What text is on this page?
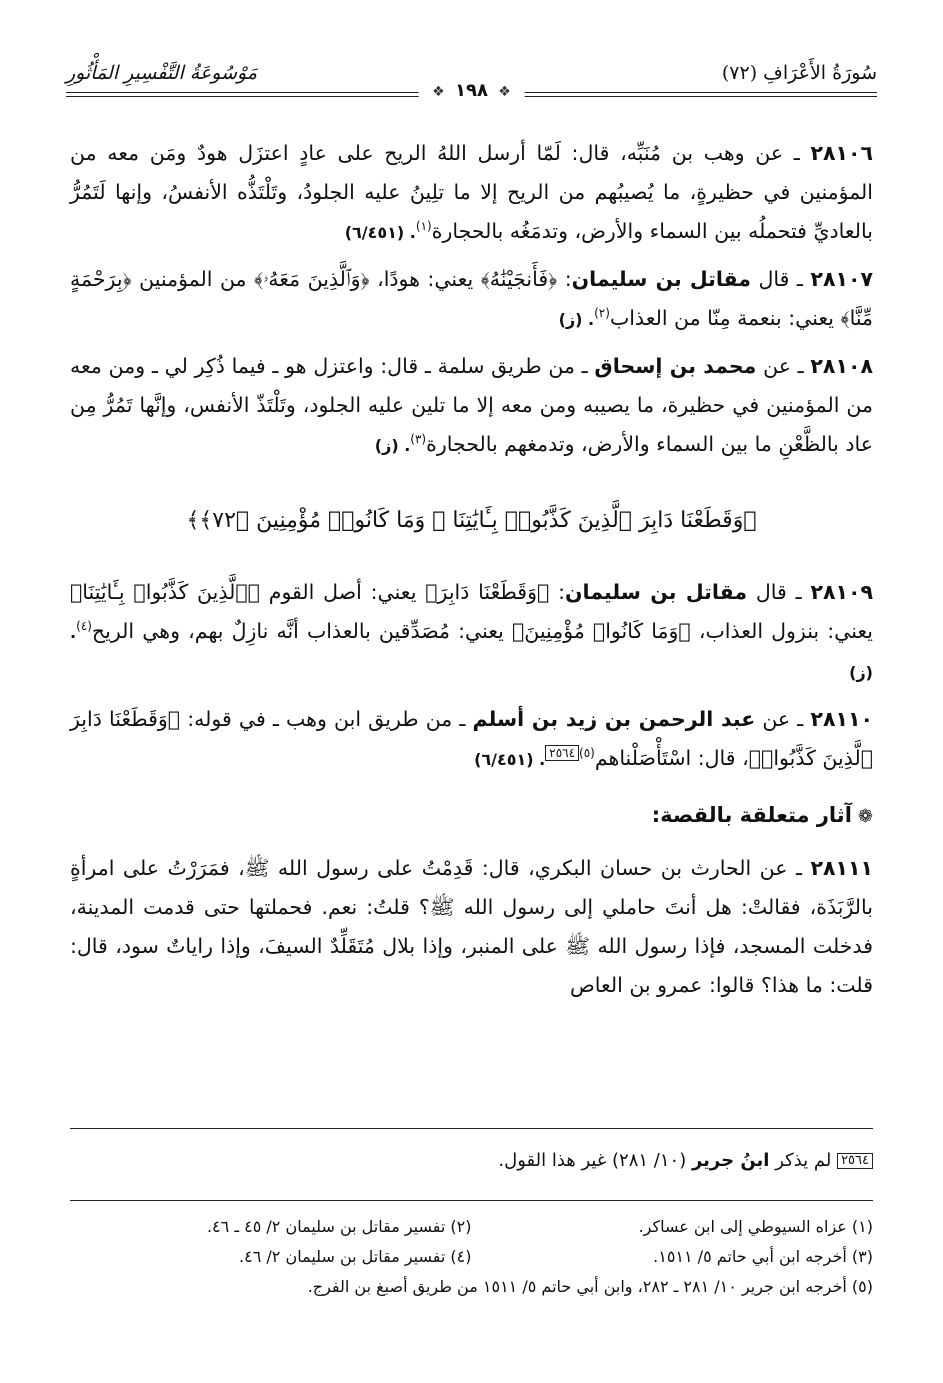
سُورَةُ الأَعْرَافِ (٧٢)
مَوْسُوعَةُ التَّفْسِيرِ المَأْثُورِ
❖ ١٩٨ ❖

٢٨١٠٦ ـ عن وهب بن مُنَبِّه، قال: لَمّا أرسل اللهُ الريح على عادٍ اعتزَل هودٌ ومَن معه من المؤمنين في حظيرةٍ، ما يُصيبُهم من الريح إلا ما تلِينُ عليه الجلودُ، وتَلْتَذُّه الأنفسُ، وإنها لَتَمُرُّ بالعاديِّ فتحملُه بين السماء والأرض، وتدمَغُه بالحجارة$^{(١)}$. (٦/٤٥١)

٢٨١٠٧ ـ قال مقاتل بن سليمان: ﴿فَأَنجَيْنَٰهُ﴾ يعني: هودًا، ﴿وَٱلَّذِينَ مَعَهُۥ﴾ من المؤمنين ﴿بِرَحْمَةٍ مِّنَّا﴾ يعني: بنعمة مِنّا من العذاب$^{(٢)}$. (ز)

٢٨١٠٨ ـ عن محمد بن إسحاق ـ من طريق سلمة ـ قال: واعتزل هو ـ فيما ذُكِر لي ـ ومن معه من المؤمنين في حظيرة، ما يصيبه ومن معه إلا ما تلين عليه الجلود، وتَلْتَذّ الأنفس، وإنَّها تَمُرُّ مِن عاد بالظَّعْنِ ما بين السماء والأرض، وتدمغهم بالحجارة$^{(٣)}$. (ز)

﴿وَقَطَعْنَا دَابِرَ ٱلَّذِينَ كَذَّبُوا۟ بِـَٔايَٰتِنَا ۖ وَمَا كَانُوا۟ مُؤْمِنِينَ ﴿٧٢﴾﴾

٢٨١٠٩ ـ قال مقاتل بن سليمان: ﴿وَقَطَعْنَا دَابِرَ﴾ يعني: أصل القوم ﴿ٱلَّذِينَ كَذَّبُوا۟ بِـَٔايَٰتِنَا﴾ يعني: بنزول العذاب، ﴿وَمَا كَانُوا۟ مُؤْمِنِينَ﴾ يعني: مُصَدِّقين بالعذاب أنَّه نازِلٌ بهم، وهي الريح$^{(٤)}$. (ز)

٢٨١١٠ ـ عن عبد الرحمن بن زيد بن أسلم ـ من طريق ابن وهب ـ في قوله: ﴿وَقَطَعْنَا دَابِرَ ٱلَّذِينَ كَذَّبُوا۟﴾، قال: اسْتَأْصَلْناهم$^{(٥)}$٢٥٦٤. (٦/٤٥١)

❁آثار متعلقة بالقصة:

٢٨١١١ ـ عن الحارث بن حسان البكري، قال: قَدِمْتُ على رسول الله ﷺ، فمَرَرْتُ على امرأةٍ بالرَّبَذَة، فقالتْ: هل أنتَ حاملي إلى رسول الله ﷺ؟ قلتُ: نعم. فحملتها حتى قدمت المدينة، فدخلت المسجد، فإذا رسول الله ﷺ على المنبر، وإذا بلال مُتَقَلِّدٌ السيفَ، وإذا راياتٌ سود، قال: قلت: ما هذا؟ قالوا: عمرو بن العاص

٢٥٦٤ لم يذكر ابنُ جرير (١٠/ ٢٨١) غير هذا القول.
(١) عزاه السيوطي إلى ابن عساكر.
(٢) تفسير مقاتل بن سليمان ٢/ ٤٥ ـ ٤٦.
(٣) أخرجه ابن أبي حاتم ٥/ ١٥١١.
(٤) تفسير مقاتل بن سليمان ٢/ ٤٦.
(٥) أخرجه ابن جرير ١٠/ ٢٨١ ـ ٢٨٢، وابن أبي حاتم ٥/ ١٥١١ من طريق أصبغ بن الفرج.
